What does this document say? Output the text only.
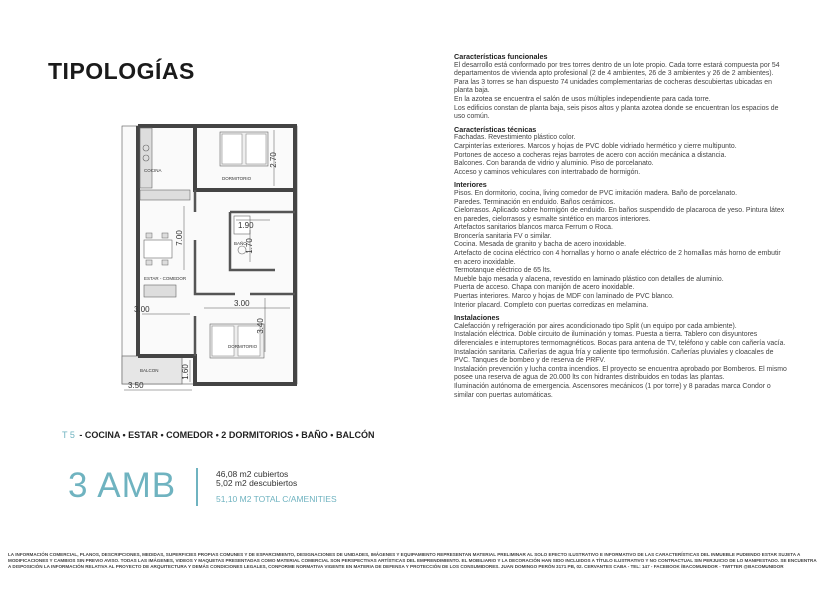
TIPOLOGÍAS
COCINA
DORMITORIO
BAÑO
ESTAR - COMEDOR
DORMITORIO
BALCON
2.70
7.00
1.90
1.70
3.00
3.00
3.40
1.60
3.50
T 5 - COCINA • ESTAR • COMEDOR • 2 DORMITORIOS • BAÑO • BALCÓN
3 AMB	46,08 m2 cubiertos
5,02 m2 descubiertos
51,10 M2 TOTAL C/AMENITIES
Características funcionales

El desarrollo está conformado por tres torres dentro de un lote propio. Cada torre estará compuesta por 54 departamentos de vivienda apto profesional (2 de 4 ambientes, 26 de 3 ambientes y 26 de 2 ambientes).

Para las 3 torres se han dispuesto 74 unidades complementarias de cocheras descubiertas ubicadas en planta baja.

En la azotea se encuentra el salón de usos múltiples independiente para cada torre.

Los edificios constan de planta baja, seis pisos altos y planta azotea donde se encuentran los espacios de uso común.

Características técnicas

Fachadas. Revestimiento plástico color.

Carpinterías exteriores. Marcos y hojas de PVC doble vidriado hermético y cierre multipunto.

Portones de acceso a cocheras rejas barrotes de acero con acción mecánica a distancia.

Balcones. Con baranda de vidrio y aluminio. Piso de porcelanato.

Acceso y caminos vehiculares con intertrabado de hormigón.

Interiores

Pisos. En dormitorio, cocina, living comedor de PVC imitación madera. Baño de porcelanato.

Paredes. Terminación en enduido. Baños cerámicos.

Cielorrasos. Aplicado sobre hormigón de enduido. En baños suspendido de placaroca de yeso. Pintura látex en paredes, cielorrasos y esmalte sintético en marcos interiores.

Artefactos sanitarios blancos marca Ferrum o Roca.

Broncería sanitaria FV o similar.

Cocina. Mesada de granito y bacha de acero inoxidable.

Artefacto de cocina eléctrico con 4 hornallas y horno o anafe eléctrico de 2 hornallas más horno de embutir en acero inoxidable.

Termotanque eléctrico de 65 lts.

Mueble bajo mesada y alacena, revestido en laminado plástico con detalles de aluminio.

Puerta de acceso. Chapa con manijón de acero inoxidable.

Puertas interiores. Marco y hojas de MDF con laminado de PVC blanco.

Interior placard. Completo con puertas corredizas en melamina.

Instalaciones

Calefacción y refrigeración por aires acondicionado tipo Split (un equipo por cada ambiente).

Instalación eléctrica. Doble circuito de iluminación y tomas. Puesta a tierra. Tablero con disyuntores diferenciales e interruptores termomagnéticos. Bocas para antena de TV, teléfono y cable con cañería vacía.

Instalación sanitaria. Cañerías de agua fría y caliente tipo termofusión. Cañerías pluviales y cloacales de PVC. Tanques de bombeo y de reserva de PRFV.

Instalación prevención y lucha contra incendios. El proyecto se encuentra aprobado por Bomberos. El mismo posee una reserva de agua de 20.000 lts con hidrantes distribuidos en todas las plantas.

Iluminación autónoma de emergencia. Ascensores mecánicos (1 por torre) y 8 paradas marca Condor o similar con puertas automáticas.

LA INFORMACIÓN COMERCIAL, PLANOS, DESCRIPCIONES, MEDIDAS, SUPERFICIES PROPIAS COMUNES Y DE ESPARCIMIENTO, DESIGNACIONES DE UNIDADES, IMÁGENES Y EQUIPAMIENTO REPRESENTAN MATERIAL PRELIMINAR AL SOLO EFECTO ILUSTRATIVO E INFORMATIVO DE LAS CARACTERÍSTICAS DEL INMUEBLE PUDIENDO ESTAR SUJETA A MODIFICACIONES Y CAMBIOS SIN PREVIO AVISO. TODAS LAS IMÁGENES, VIDEOS Y MAQUETAS PRESENTADAS COMO MATERIAL COMERCIAL SON PERSPECTIVAS ARTÍSTICAS DEL EMPRENDIMIENTO. EL MOBILIARIO Y LA DECORACIÓN HAN SIDO INCLUIDOS A TÍTULO ILUSTRATIVO Y NO CONTRACTUAL SIN PERJUICIO DE LO MANIFESTADO. SE ENCUENTRA A DISPOSICIÓN LA INFORMACIÓN RELATIVA AL PROYECTO DE ARQUITECTURA Y DEMÁS CONDICIONES LEGALES, CONFORME NORMATIVA VIGENTE EN MATERIA DE DEFENSA Y PROTECCIÓN DE LOS CONSUMIDORES. JUAN DOMINGO PERÓN 3171 PB, 02. CERVANTES CABA - TEL: 147 - FACEBOOK /BACOMUNIDOR - TWITTER @BACOMUNIDOR
